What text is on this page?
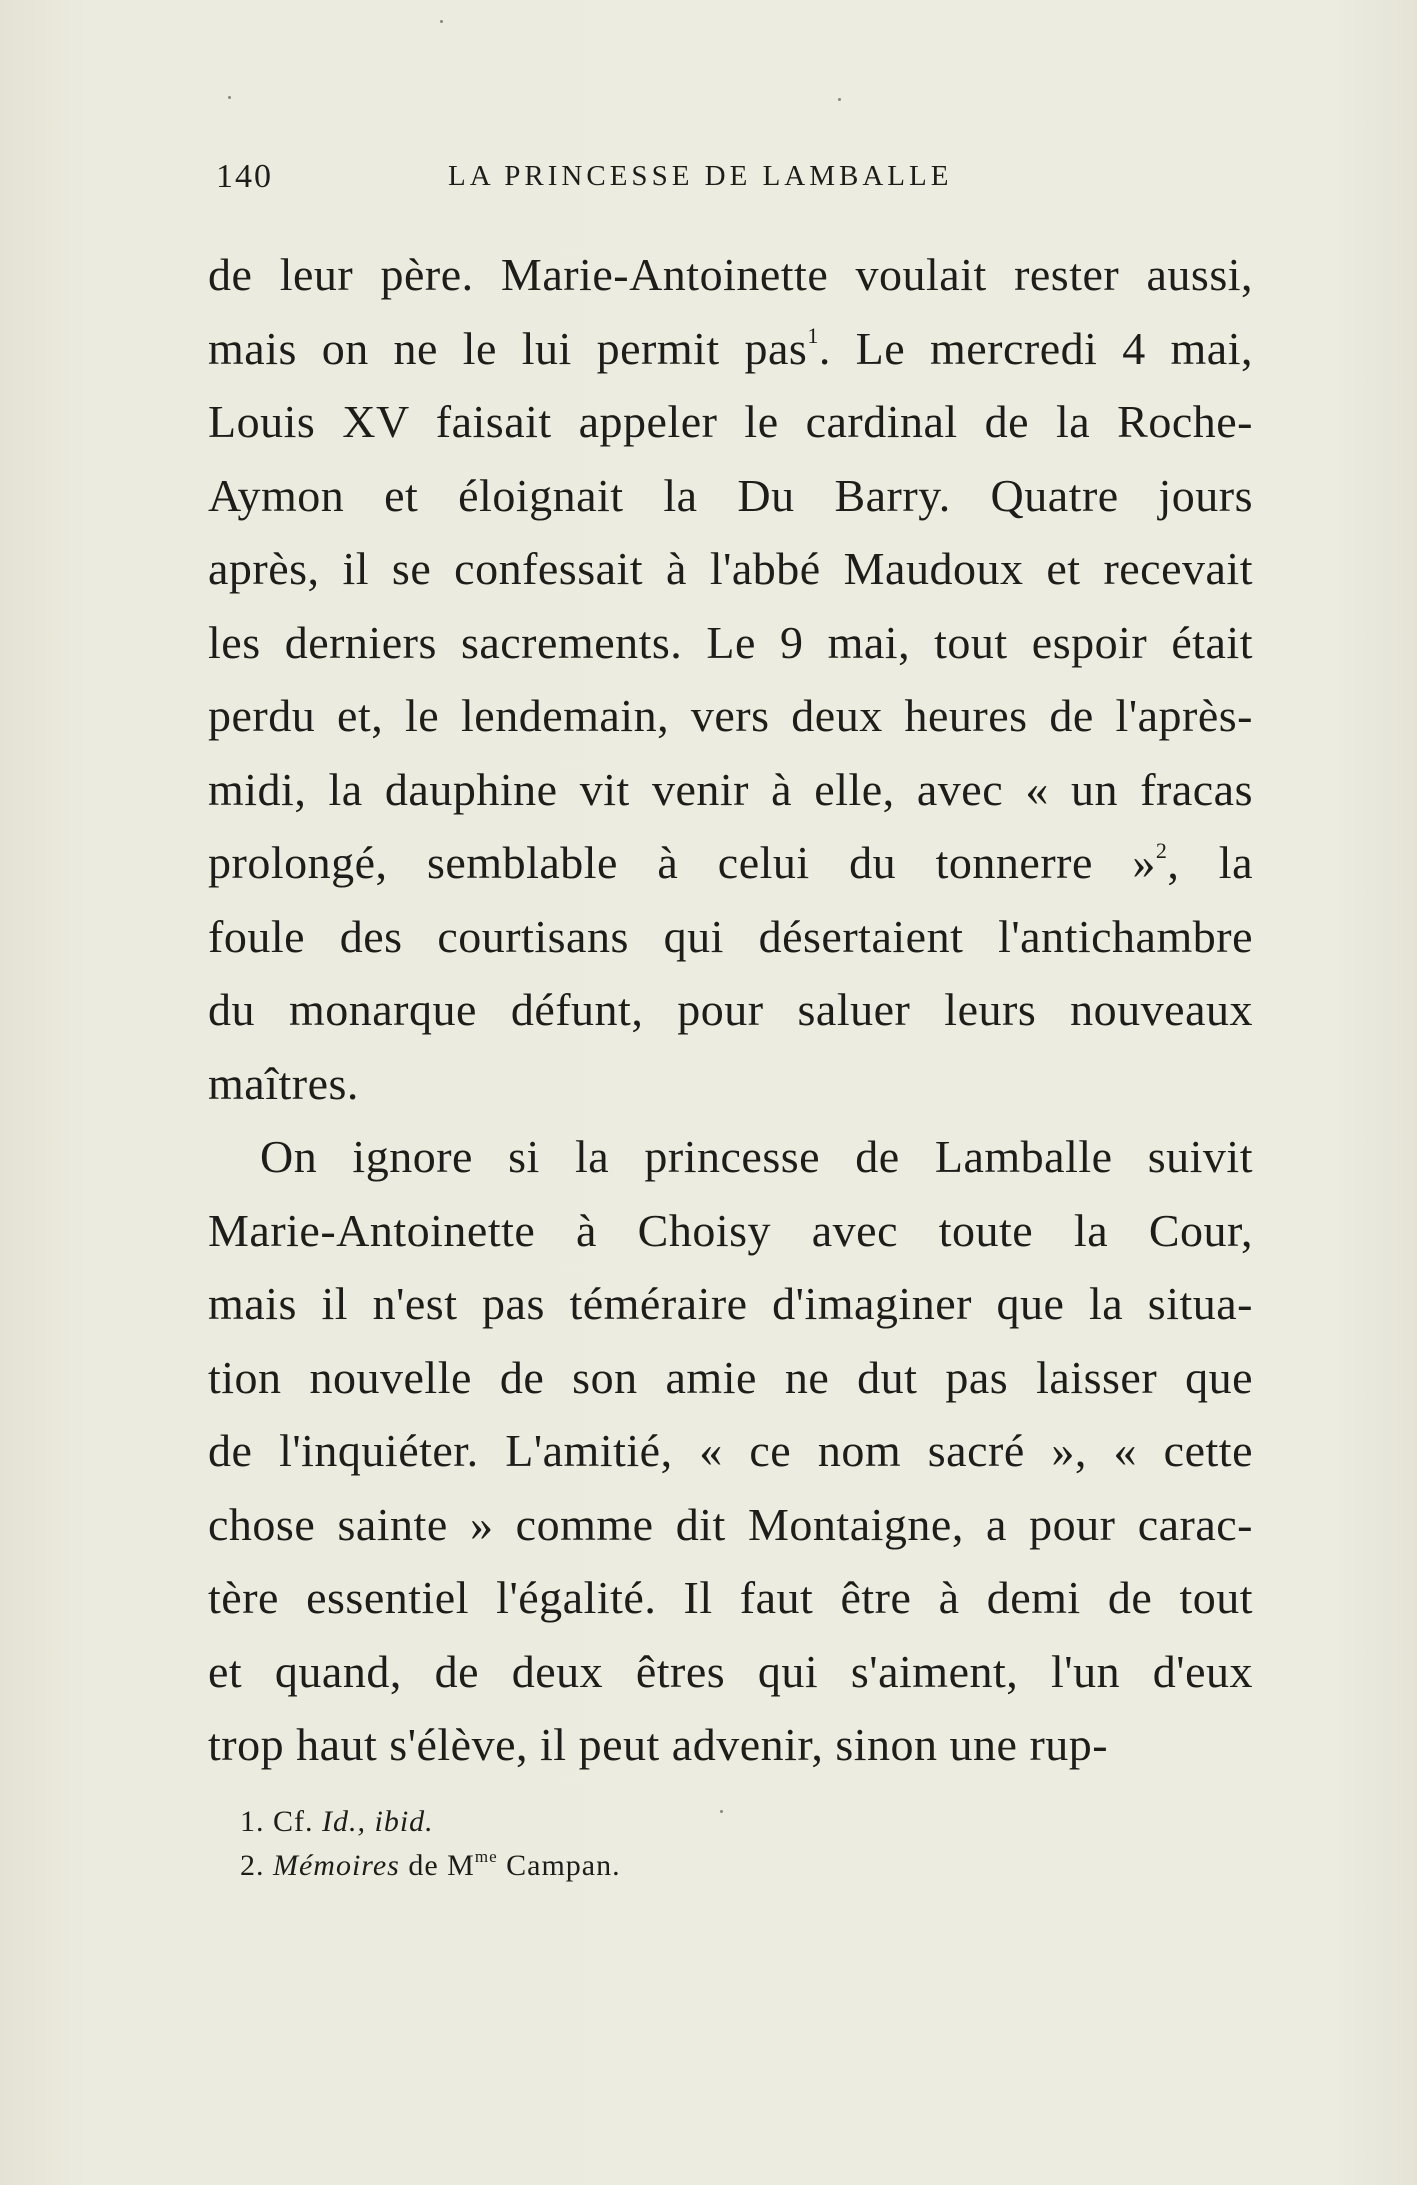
140	LA PRINCESSE DE LAMBALLE
de leur père. Marie-Antoinette voulait rester aussi,
mais on ne le lui permit pas$^1$. Le mercredi 4 mai,
Louis XV faisait appeler le cardinal de la Roche-
Aymon et éloignait la Du Barry. Quatre jours
après, il se confessait à l'abbé Maudoux et recevait
les derniers sacrements. Le 9 mai, tout espoir était
perdu et, le lendemain, vers deux heures de l'après-
midi, la dauphine vit venir à elle, avec « un fracas
prolongé, semblable à celui du tonnerre »$^2$, la
foule des courtisans qui désertaient l'antichambre
du monarque défunt, pour saluer leurs nouveaux
maîtres.
On ignore si la princesse de Lamballe suivit
Marie-Antoinette à Choisy avec toute la Cour,
mais il n'est pas téméraire d'imaginer que la situa-
tion nouvelle de son amie ne dut pas laisser que
de l'inquiéter. L'amitié, « ce nom sacré », « cette
chose sainte » comme dit Montaigne, a pour carac-
tère essentiel l'égalité. Il faut être à demi de tout
et quand, de deux êtres qui s'aiment, l'un d'eux
trop haut s'élève, il peut advenir, sinon une rup-
1. Cf. Id., ibid.
2. Mémoires de $M^{me}$ Campan.
